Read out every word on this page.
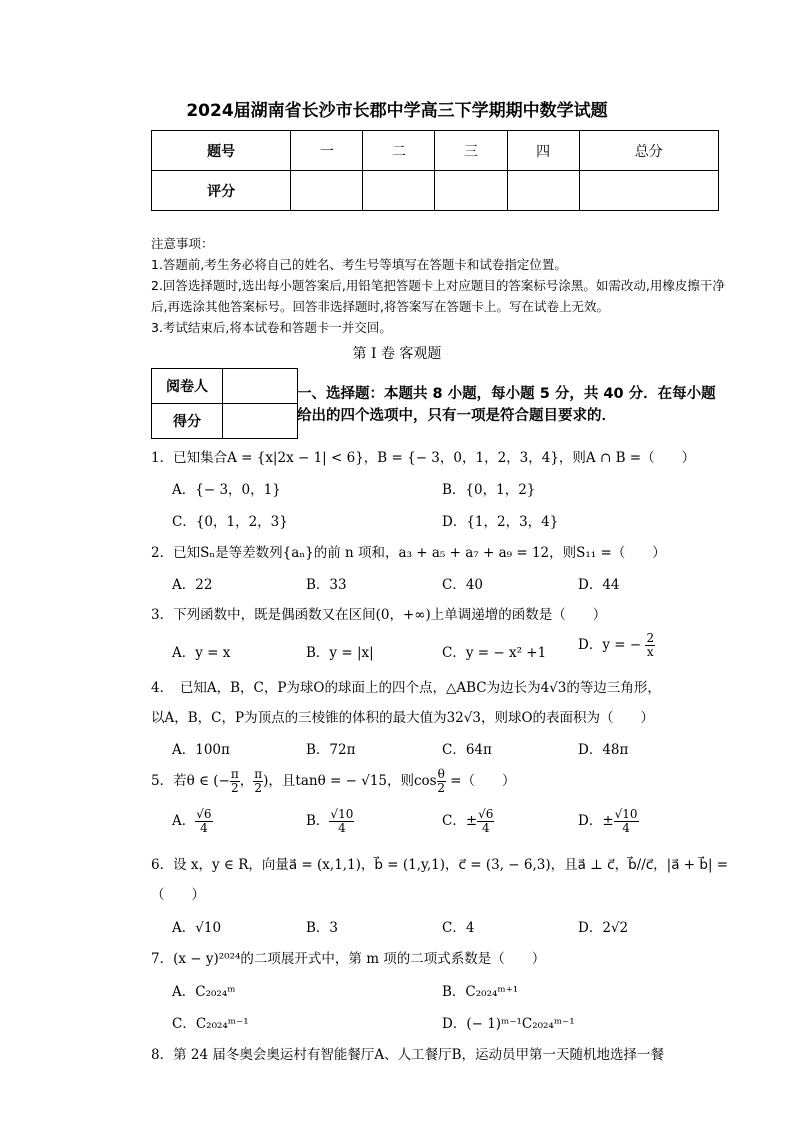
2024届湖南省长沙市长郡中学高三下学期期中数学试题
题号	一	二	三	四	总分
评分					

注意事项：

1.答题前,考生务必将自己的姓名、考生号等填写在答题卡和试卷指定位置。

2.回答选择题时,选出每小题答案后,用铅笔把答题卡上对应题目的答案标号涂黑。如需改动,用橡皮擦干净后,再选涂其他答案标号。回答非选择题时,将答案写在答题卡上。写在试卷上无效。

3.考试结束后,将本试卷和答题卡一并交回。

第 I 卷 客观题
阅卷人	
得分	
一、选择题：本题共 8 小题，每小题 5 分，共 40 分．在每小题给出的四个选项中，只有一项是符合题目要求的．
1．已知集合A = {x|2x − 1| < 6}，B = {− 3，0，1，2，3，4}，则A ∩ B =（　　）
A．{− 3，0，1}	B．{0，1，2}
C．{0，1，2，3}	D．{1，2，3，4}
2．已知Sₙ是等差数列{aₙ}的前 n 项和，a₃ + a₅ + a₇ + a₉ = 12，则S₁₁ =（　　）
A．22	B．33	C．40	D．44
3．下列函数中，既是偶函数又在区间(0，+∞)上单调递增的函数是（　　）
A．y = x	B．y = |x|	C．y = − x² +1 D．y = − $\frac{2}{x}$
4．　已知A，B，C，P为球O的球面上的四个点，△ABC为边长为4√3的等边三角形，
以A，B，C，P为顶点的三棱锥的体积的最大值为32√3，则球O的表面积为（　　）
A．100π	B．72π	C．64π	D．48π
5．若θ ∈ (− $\frac{\pi}{2}$ ， $\frac{\pi}{2}$ )，且tanθ = − √15，则$\cos \frac{\theta}{2}$ =（　　）
A． $\frac{√6}{4}$	B． $\frac{√10}{4}$	C．± $\frac{√6}{4}$	D．± $\frac{√10}{4}$
6．设 x，y ∈ R，向量a⃗ = (x,1,1)，b⃗ = (1,y,1)，c⃗ = (3, − 6,3)，且a⃗ ⊥ c⃗，b⃗//c⃗，|a⃗ + b⃗| =
（　　）
A．√10	B．3	C．4	D．2√2
7．(x − y)²⁰²⁴的二项展开式中，第 m 项的二项式系数是（　　）
A．C₂₀₂₄ᵐ	B．C₂₀₂₄ᵐ⁺¹
C．C₂₀₂₄ᵐ⁻¹	D．(− 1)ᵐ⁻¹C₂₀₂₄ᵐ⁻¹
8．第 24 届冬奥会奥运村有智能餐厅A、人工餐厅B，运动员甲第一天随机地选择一餐
